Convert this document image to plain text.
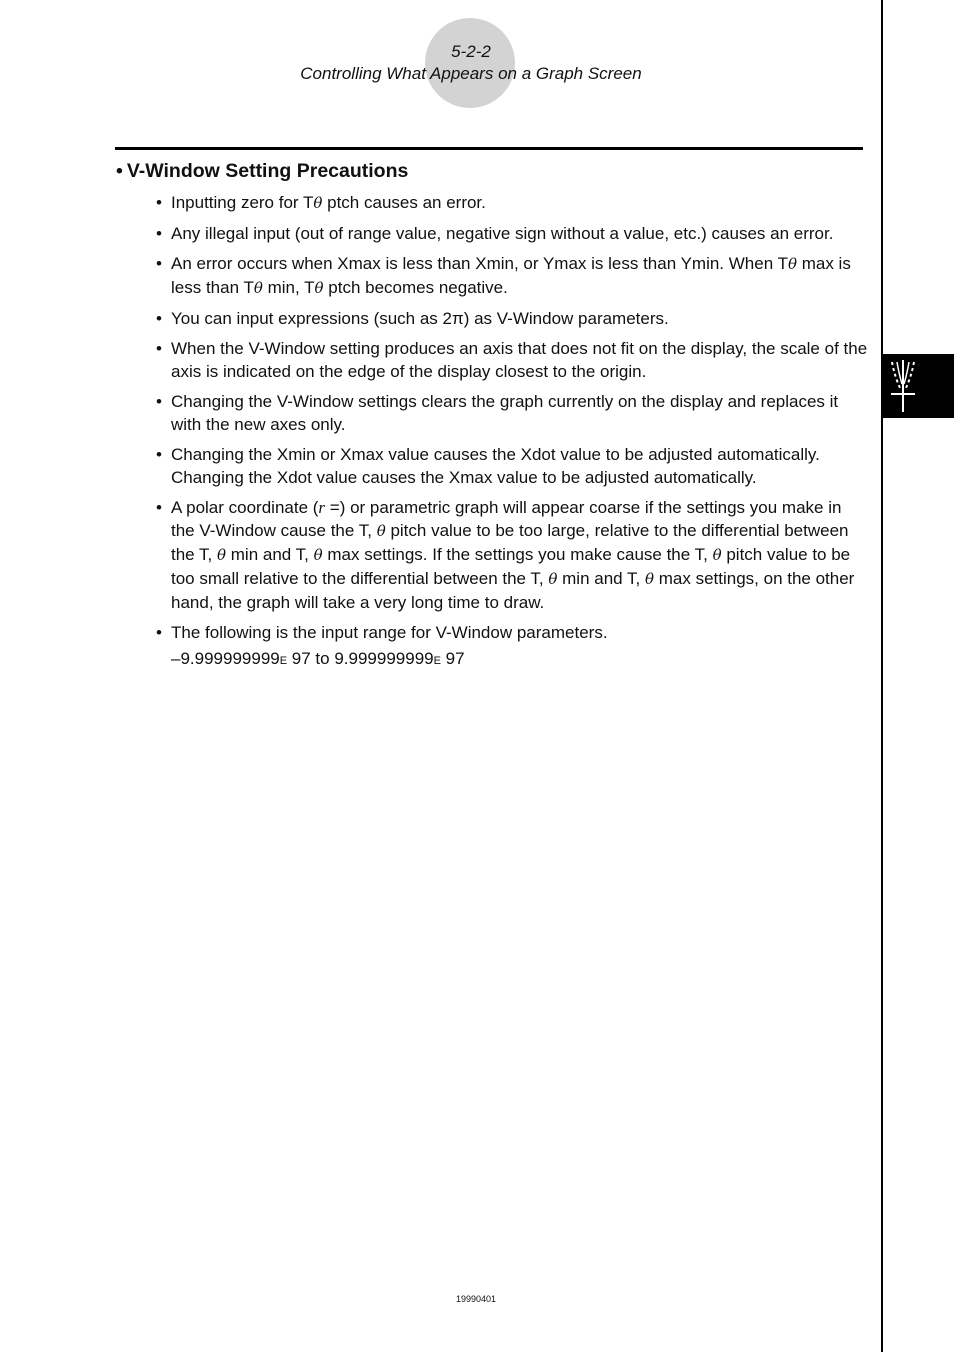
5-2-2
Controlling What Appears on a Graph Screen
• V-Window Setting Precautions
• Inputting zero for Tθ ptch causes an error.
• Any illegal input (out of range value, negative sign without a value, etc.) causes an error.
• An error occurs when Xmax is less than Xmin, or Ymax is less than Ymin. When Tθ max is less than Tθ min, Tθ ptch becomes negative.
• You can input expressions (such as 2π) as V-Window parameters.
• When the V-Window setting produces an axis that does not fit on the display, the scale of the axis is indicated on the edge of the display closest to the origin.
• Changing the V-Window settings clears the graph currently on the display and replaces it with the new axes only.
• Changing the Xmin or Xmax value causes the Xdot value to be adjusted automatically. Changing the Xdot value causes the Xmax value to be adjusted automatically.
• A polar coordinate (r =) or parametric graph will appear coarse if the settings you make in the V-Window cause the T, θ pitch value to be too large, relative to the differential between the T, θ min and T, θ max settings. If the settings you make cause the T, θ pitch value to be too small relative to the differential between the T, θ min and T, θ max settings, on the other hand, the graph will take a very long time to draw.
• The following is the input range for V-Window parameters.
–9.999999999E 97 to 9.999999999E 97
19990401
